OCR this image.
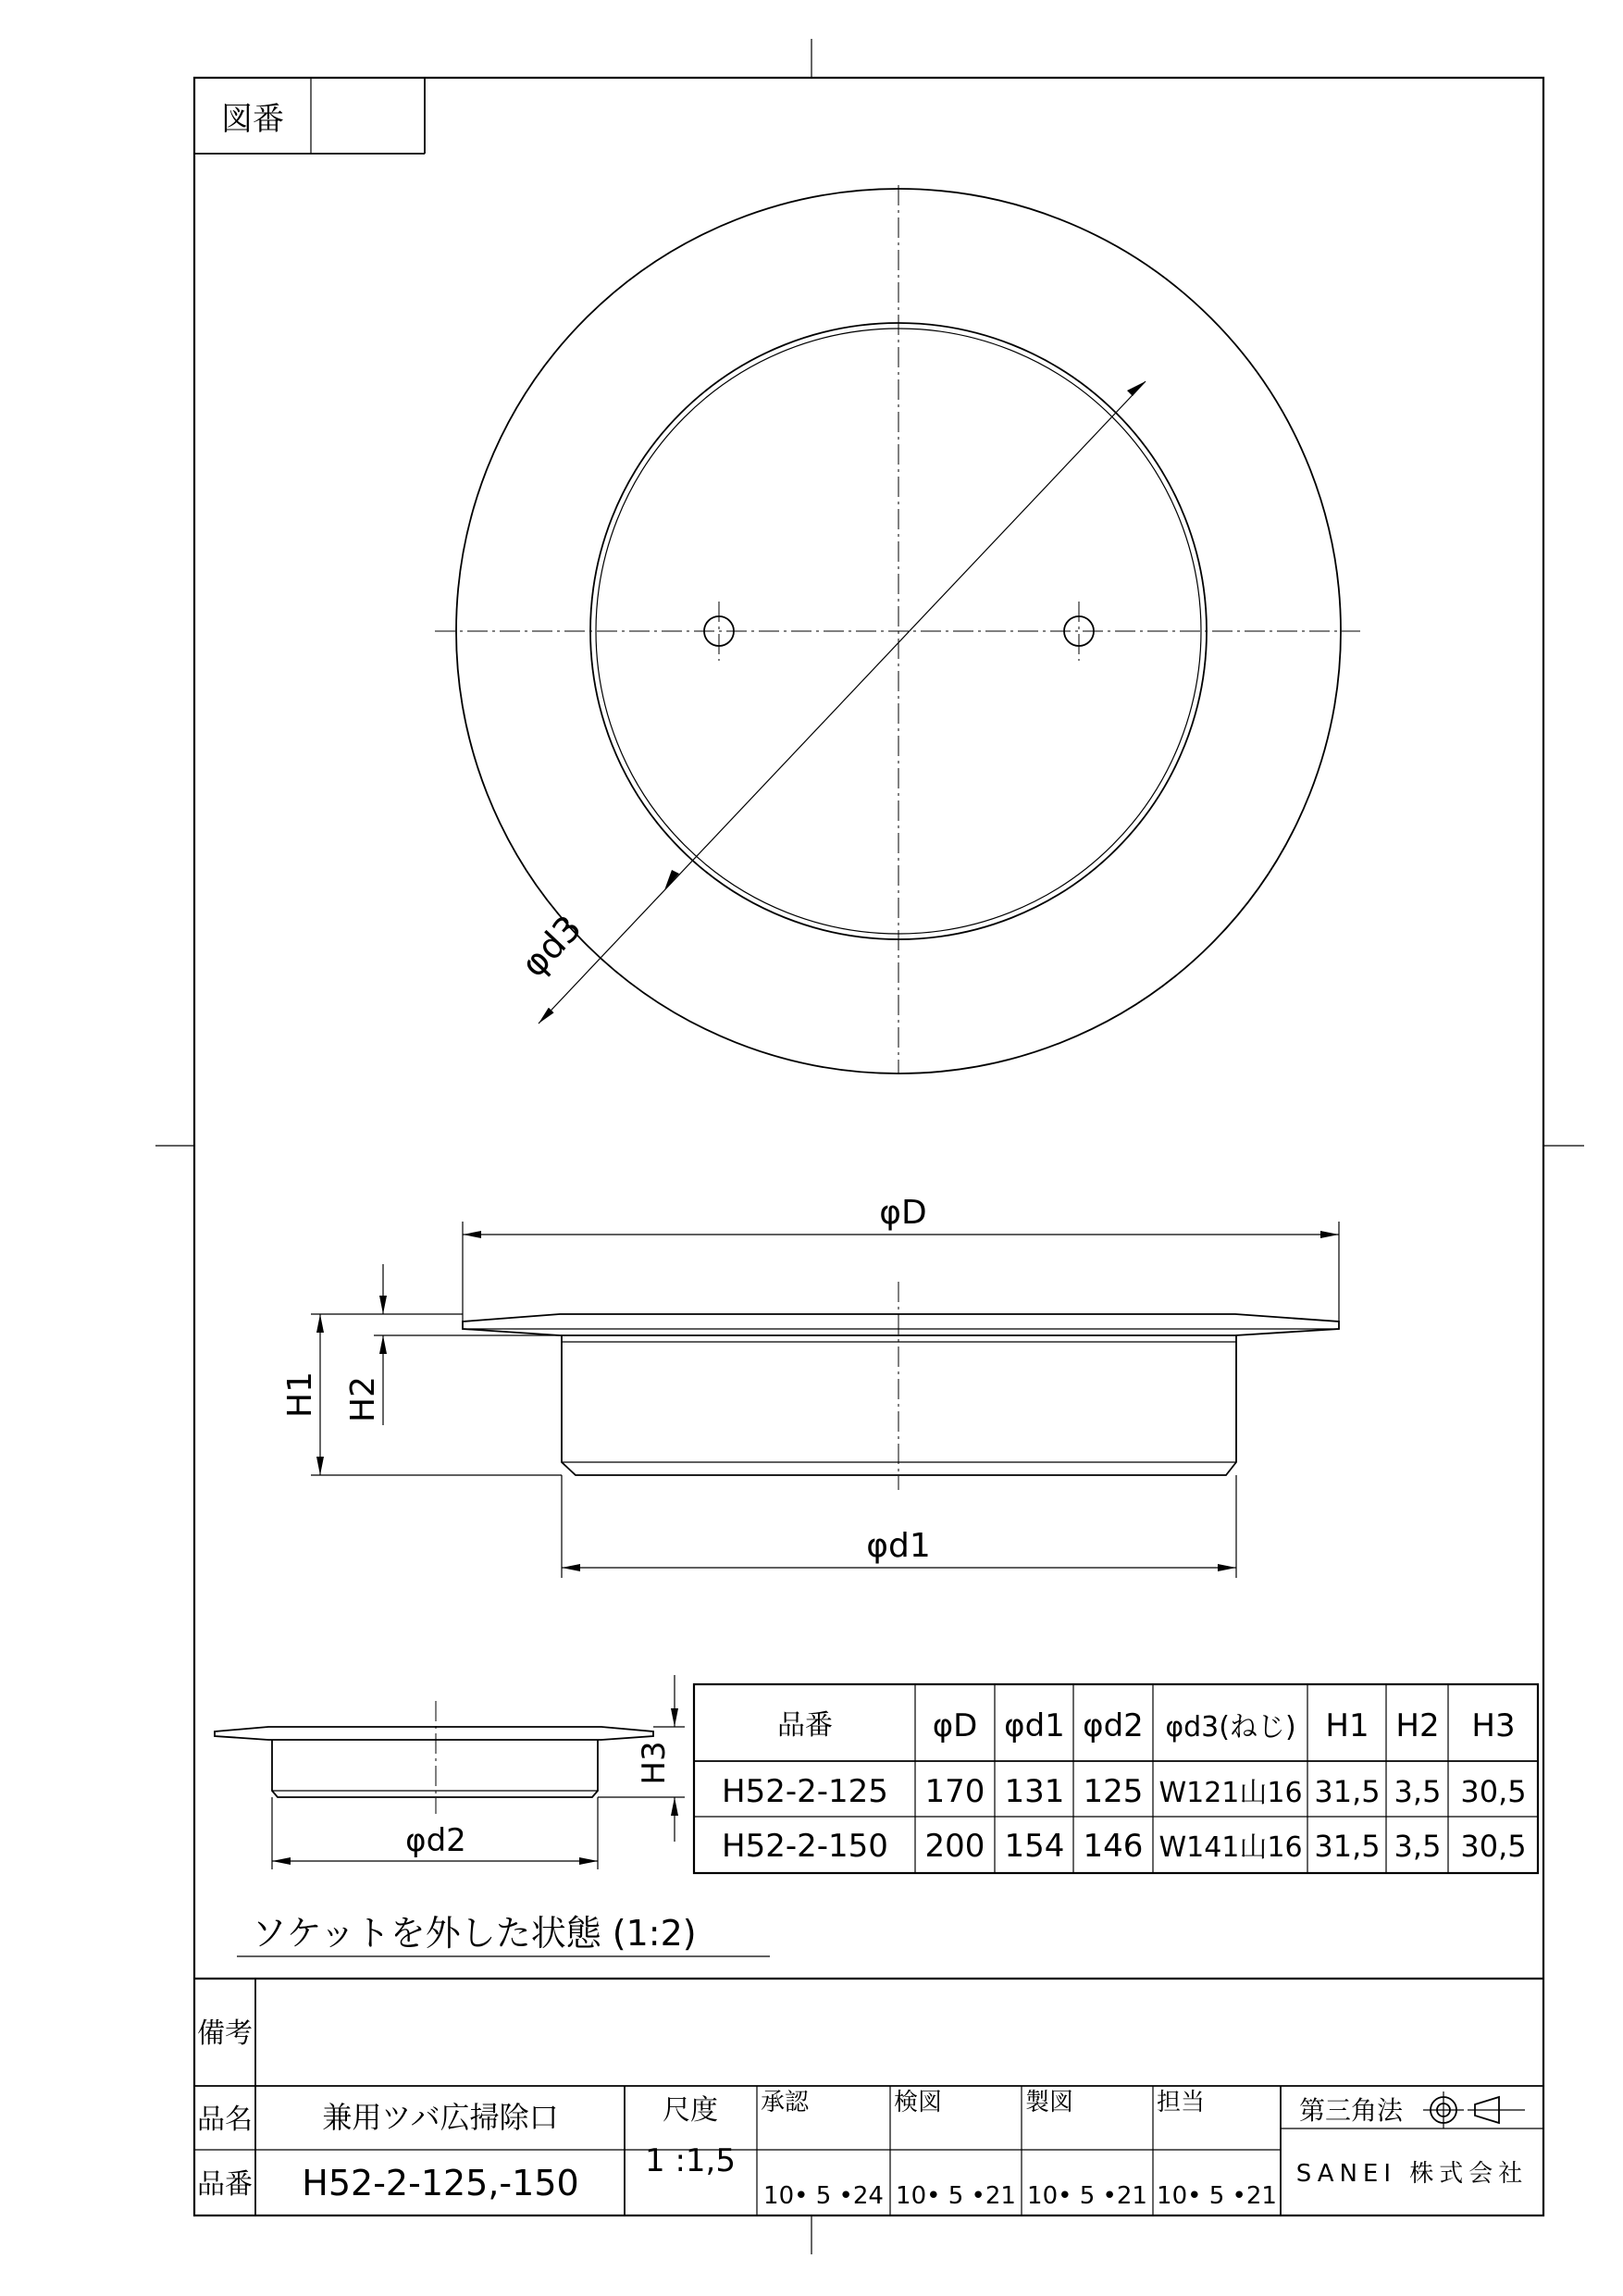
図番
φd3
φD
φd1
H1 H2
φd2
H3
ソケットを外した状態 (1:2)
品番	φD φd1 φd2 φd3(ねじ) H1 H2 H3
H52-2-125 170 131 125 W121山16 31,5 3,5 30,5
H52-2-150 200 154 146 W141山16 31,5 3,5 30,5
備考
品名 兼用ツバ広掃除口
品番 H52-2-125,-150
尺度
1 :1,5
承認
10• 5 •24
検図
10• 5 •21
製図
10• 5 •21
担当
10• 5 •21
第三角法
SANEI 株式会社
